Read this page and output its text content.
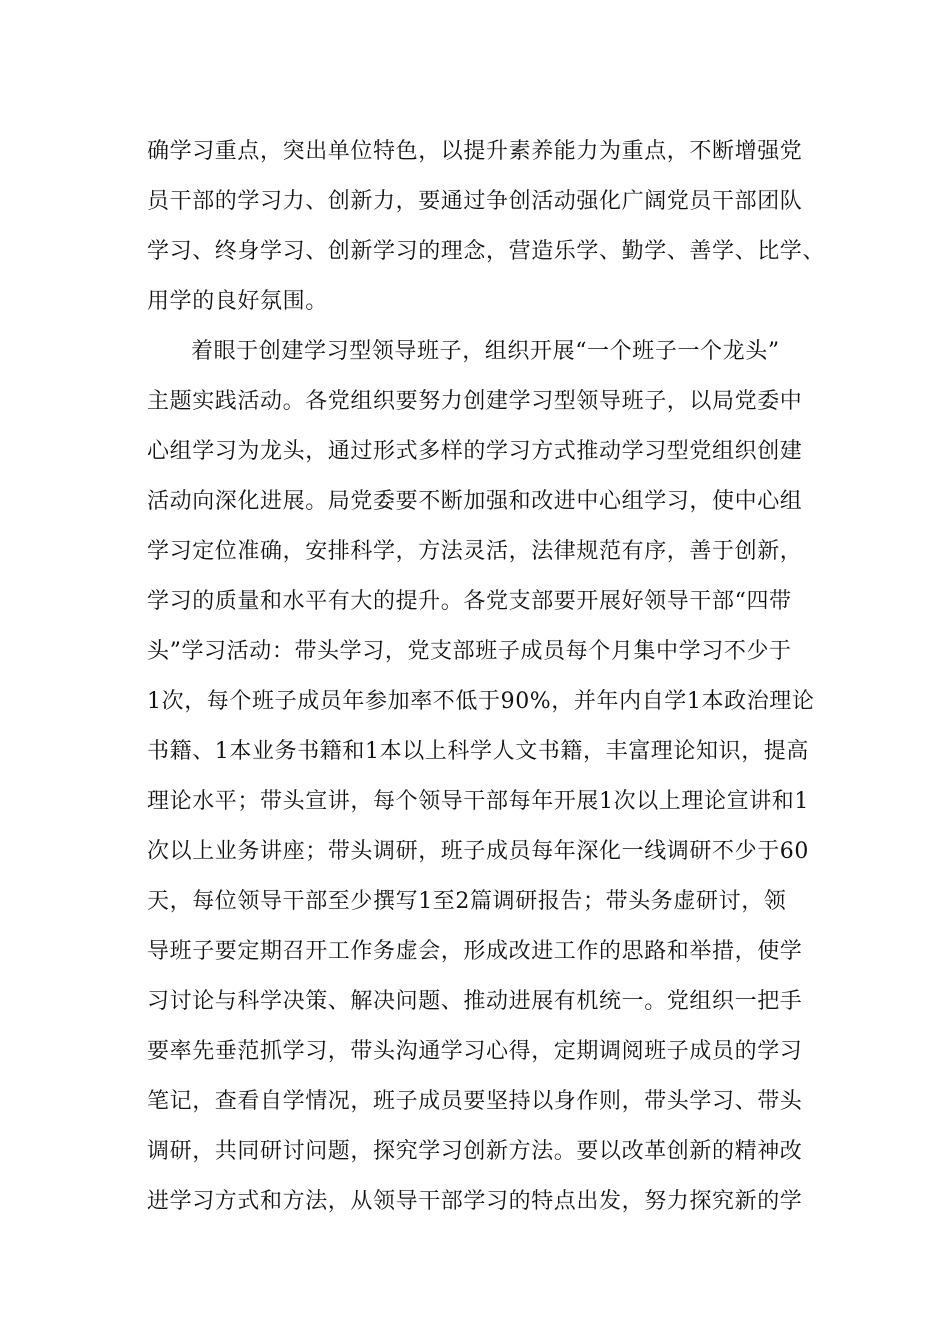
确学习重点，突出单位特色，以提升素养能力为重点，不断增强党
员干部的学习力、创新力，要通过争创活动强化广阔党员干部团队
学习、终身学习、创新学习的理念，营造乐学、勤学、善学、比学、
用学的良好氛围。
着眼于创建学习型领导班子，组织开展“一个班子一个龙头”
主题实践活动。各党组织要努力创建学习型领导班子，以局党委中
心组学习为龙头，通过形式多样的学习方式推动学习型党组织创建
活动向深化进展。局党委要不断加强和改进中心组学习，使中心组
学习定位准确，安排科学，方法灵活，法律规范有序，善于创新，
学习的质量和水平有大的提升。各党支部要开展好领导干部“四带
头”学习活动：带头学习，党支部班子成员每个月集中学习不少于
1次，每个班子成员年参加率不低于90%，并年内自学1本政治理论
书籍、1本业务书籍和1本以上科学人文书籍，丰富理论知识，提高
理论水平；带头宣讲，每个领导干部每年开展1次以上理论宣讲和1
次以上业务讲座；带头调研，班子成员每年深化一线调研不少于60
天，每位领导干部至少撰写1至2篇调研报告；带头务虚研讨，领
导班子要定期召开工作务虚会，形成改进工作的思路和举措，使学
习讨论与科学决策、解决问题、推动进展有机统一。党组织一把手
要率先垂范抓学习，带头沟通学习心得，定期调阅班子成员的学习
笔记，查看自学情况，班子成员要坚持以身作则，带头学习、带头
调研，共同研讨问题，探究学习创新方法。要以改革创新的精神改
进学习方式和方法，从领导干部学习的特点出发，努力探究新的学
